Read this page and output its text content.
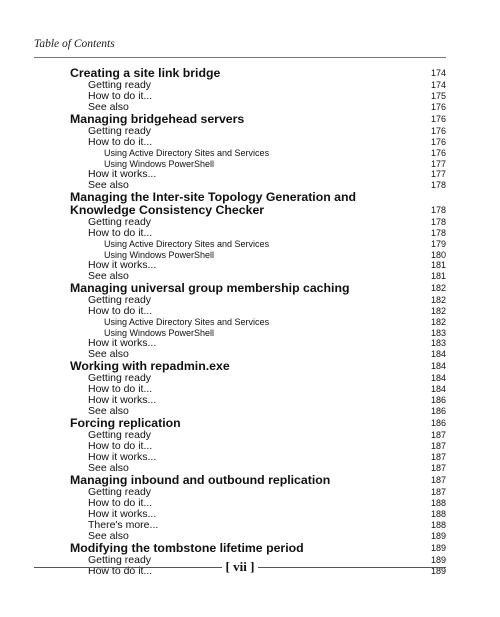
Table of Contents
Creating a site link bridge	174
Getting ready	174
How to do it...	175
See also	176
Managing bridgehead servers	176
Getting ready	176
How to do it...	176
Using Active Directory Sites and Services	176
Using Windows PowerShell	177
How it works...	177
See also	178
Managing the Inter-site Topology Generation and Knowledge Consistency Checker	178
Getting ready	178
How to do it...	178
Using Active Directory Sites and Services	179
Using Windows PowerShell	180
How it works...	181
See also	181
Managing universal group membership caching	182
Getting ready	182
How to do it...	182
Using Active Directory Sites and Services	182
Using Windows PowerShell	183
How it works...	183
See also	184
Working with repadmin.exe	184
Getting ready	184
How to do it...	184
How it works...	186
See also	186
Forcing replication	186
Getting ready	187
How to do it...	187
How it works...	187
See also	187
Managing inbound and outbound replication	187
Getting ready	187
How to do it...	188
How it works...	188
There's more...	188
See also	189
Modifying the tombstone lifetime period	189
Getting ready	189
How to do it...	189
[ vii ]
